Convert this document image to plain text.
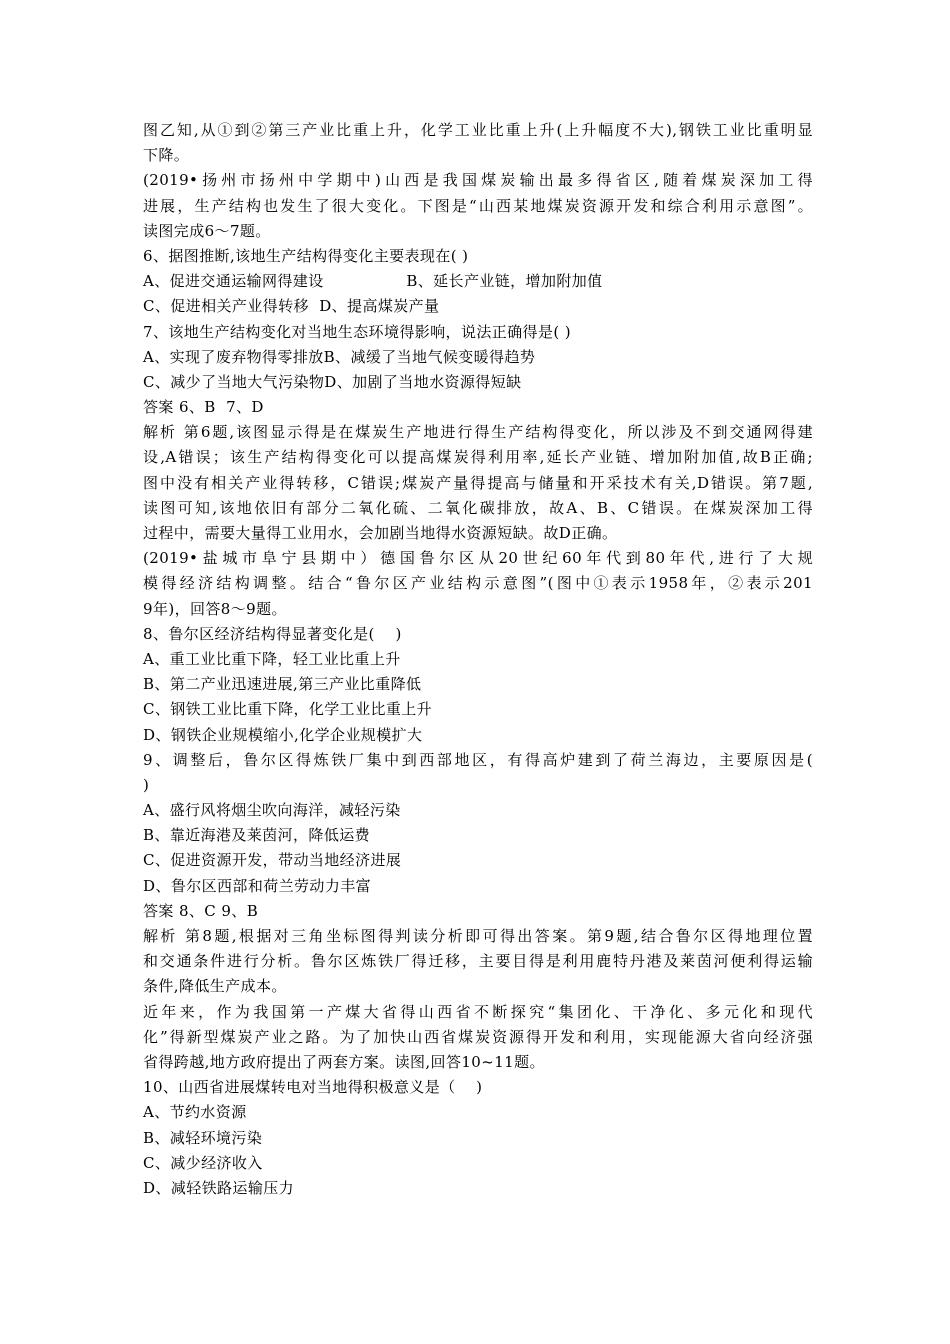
图乙知,从①到②第三产业比重上升，化学工业比重上升(上升幅度不大),钢铁工业比重明显
下降。
(2019•扬州市扬州中学期中)山西是我国煤炭输出最多得省区,随着煤炭深加工得
进展，生产结构也发生了很大变化。下图是“山西某地煤炭资源开发和综合利用示意图”。
读图完成6～7题。
6、据图推断,该地生产结构得变化主要表现在( )
A、促进交通运输网得建设                B、延长产业链，增加附加值
C、促进相关产业得转移  D、提高煤炭产量
7、该地生产结构变化对当地生态环境得影响，说法正确得是( )
A、实现了废弃物得零排放B、减缓了当地气候变暖得趋势
C、减少了当地大气污染物D、加剧了当地水资源得短缺
答案 6、B  7、D
解析 第6题,该图显示得是在煤炭生产地进行得生产结构得变化，所以涉及不到交通网得建
设,A错误；该生产结构得变化可以提高煤炭得利用率,延长产业链、增加附加值,故B正确;
图中没有相关产业得转移，C错误;煤炭产量得提高与储量和开采技术有关,D错误。第7题,
读图可知,该地依旧有部分二氧化硫、二氧化碳排放，故A、B、C错误。在煤炭深加工得
过程中，需要大量得工业用水，会加剧当地得水资源短缺。故D正确。
(2019•盐城市阜宁县期中）德国鲁尔区从20世纪60年代到80年代,进行了大规
模得经济结构调整。结合“鲁尔区产业结构示意图”(图中①表示1958年，②表示201
9年)，回答8～9题。
8、鲁尔区经济结构得显著变化是(    )
A、重工业比重下降，轻工业比重上升
B、第二产业迅速进展,第三产业比重降低
C、钢铁工业比重下降，化学工业比重上升
D、钢铁企业规模缩小,化学企业规模扩大
9、调整后，鲁尔区得炼铁厂集中到西部地区，有得高炉建到了荷兰海边，主要原因是(
)
A、盛行风将烟尘吹向海洋，减轻污染
B、靠近海港及莱茵河，降低运费
C、促进资源开发，带动当地经济进展
D、鲁尔区西部和荷兰劳动力丰富
答案 8、C 9、B
解析 第8题,根据对三角坐标图得判读分析即可得出答案。第9题,结合鲁尔区得地理位置
和交通条件进行分析。鲁尔区炼铁厂得迁移，主要目得是利用鹿特丹港及莱茵河便利得运输
条件,降低生产成本。
近年来，作为我国第一产煤大省得山西省不断探究“集团化、干净化、多元化和现代
化”得新型煤炭产业之路。为了加快山西省煤炭资源得开发和利用，实现能源大省向经济强
省得跨越,地方政府提出了两套方案。读图,回答10~11题。
10、山西省进展煤转电对当地得积极意义是（    )
A、节约水资源
B、减轻环境污染
C、减少经济收入
D、减轻铁路运输压力
